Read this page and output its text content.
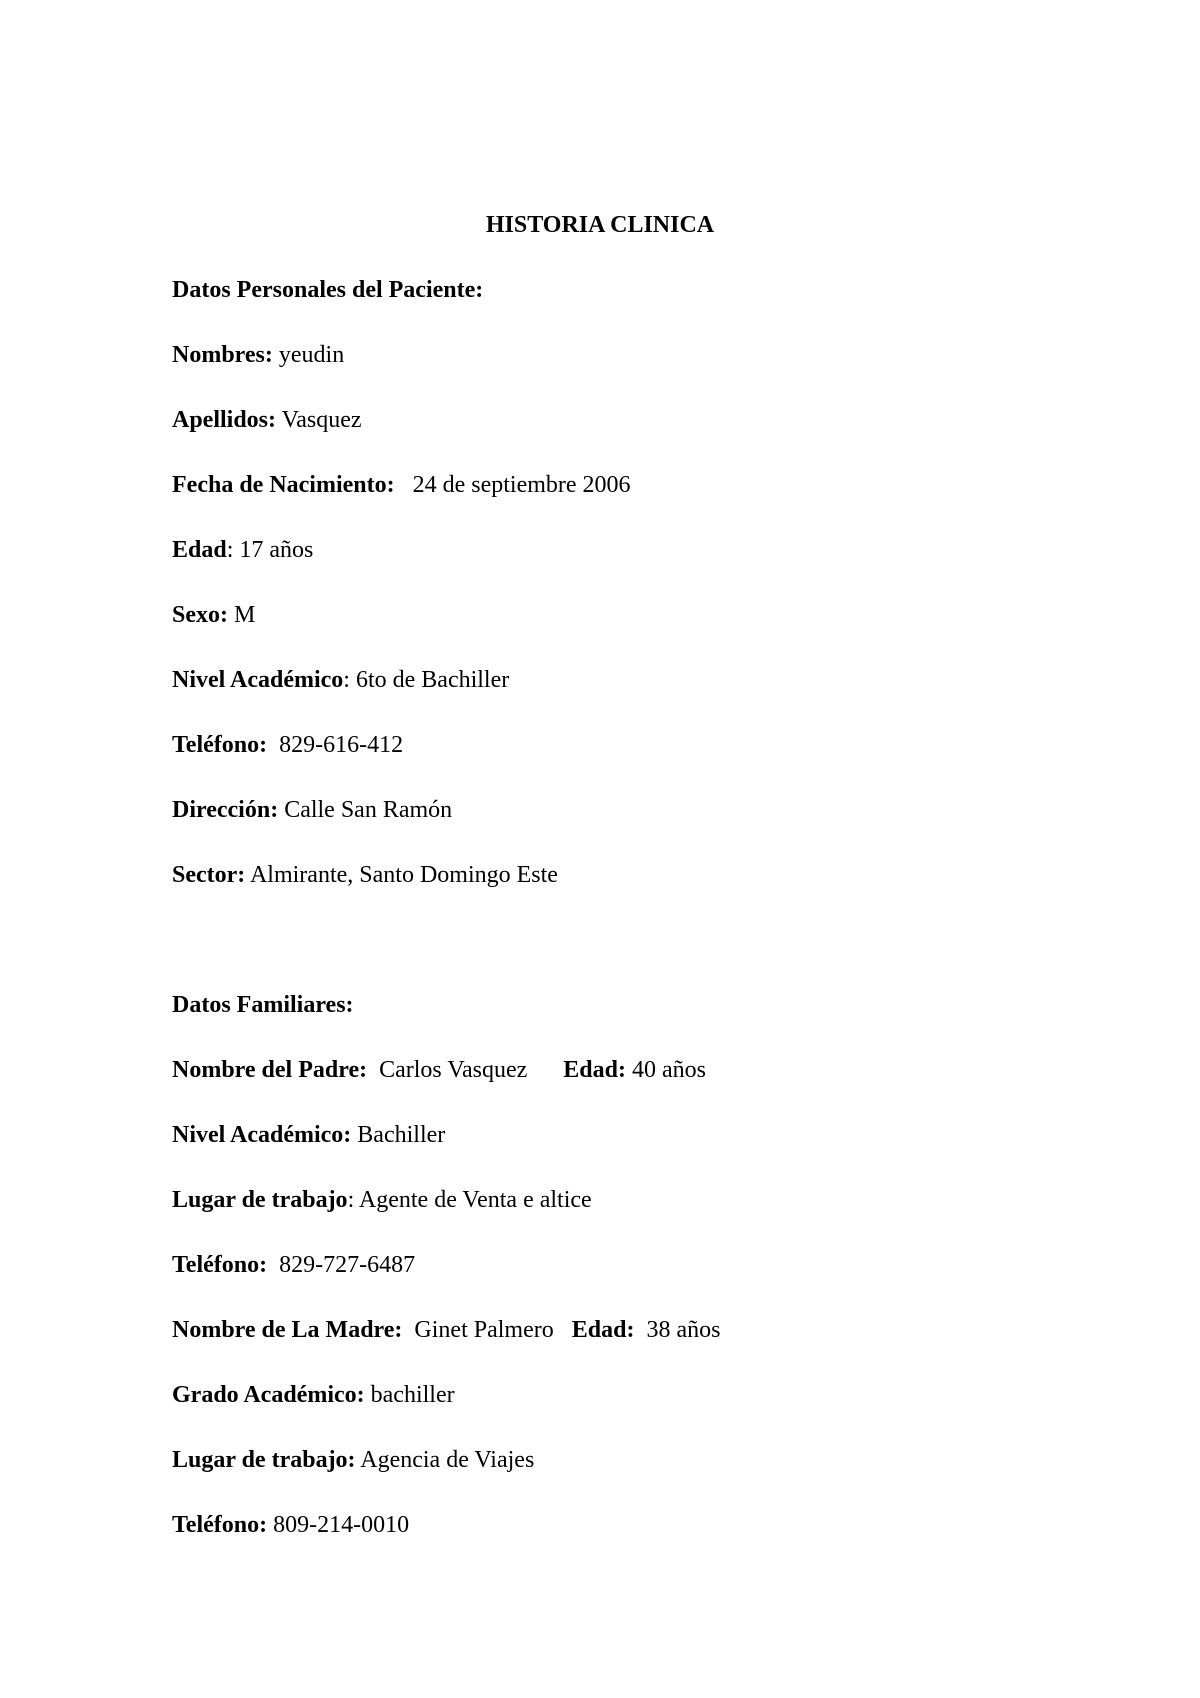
HISTORIA CLINICA

Datos Personales del Paciente:

Nombres: yeudin

Apellidos: Vasquez

Fecha de Nacimiento:   24 de septiembre 2006

Edad: 17 años

Sexo: M

Nivel Académico: 6to de Bachiller

Teléfono:  829-616-412

Dirección: Calle San Ramón

Sector: Almirante, Santo Domingo Este

Datos Familiares:

Nombre del Padre:  Carlos Vasquez      Edad: 40 años

Nivel Académico: Bachiller

Lugar de trabajo: Agente de Venta e altice

Teléfono:  829-727-6487

Nombre de La Madre:  Ginet Palmero   Edad:  38 años

Grado Académico: bachiller

Lugar de trabajo: Agencia de Viajes

Teléfono: 809-214-0010
